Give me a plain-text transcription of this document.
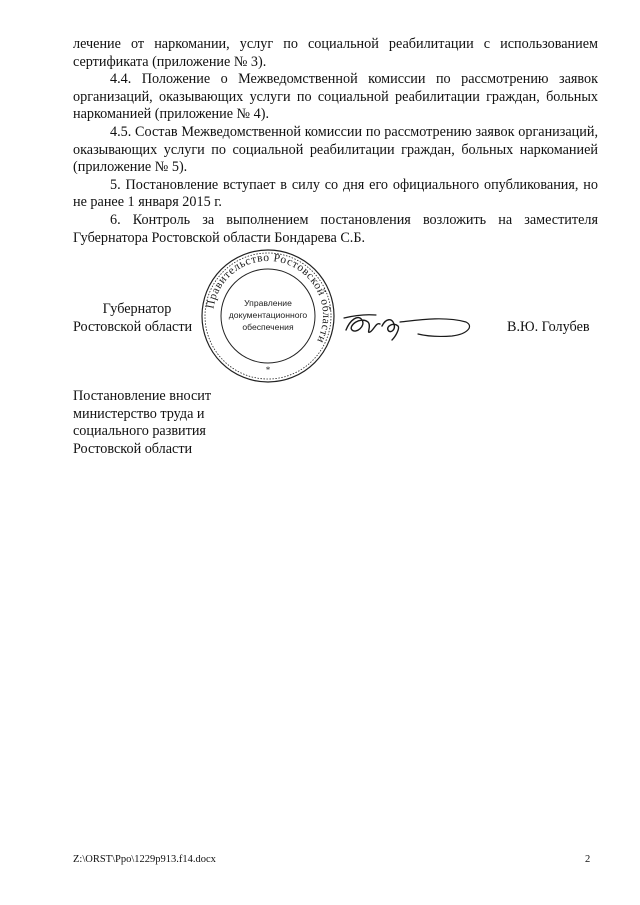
лечение от наркомании, услуг по социальной реабилитации с использованием сертификата (приложение № 3).

4.4. Положение о Межведомственной комиссии по рассмотрению заявок организаций, оказывающих услуги по социальной реабилитации граждан, больных наркоманией (приложение № 4).

4.5. Состав Межведомственной комиссии по рассмотрению заявок организаций, оказывающих услуги по социальной реабилитации граждан, больных наркоманией (приложение № 5).

5. Постановление вступает в силу со дня его официального опубликования, но не ранее 1 января 2015 г.

6. Контроль за выполнением постановления возложить на заместителя Губернатора Ростовской области Бондарева С.Б.

Губернатор
Ростовской области
Правительство Ростовской области
Управление
документационного
обеспечения
*
В.Ю. Голубев
Постановление вносит
министерство труда и
социального развития
Ростовской области
Z:\ORST\Ppo\1229p913.f14.docx	2
